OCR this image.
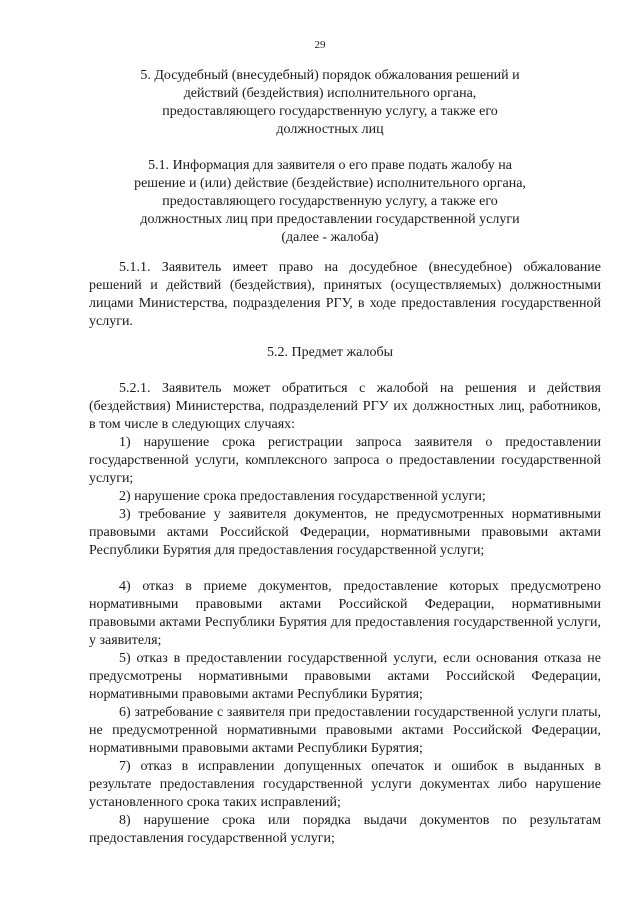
29
5. Досудебный (внесудебный) порядок обжалования решений и действий (бездействия) исполнительного органа, предоставляющего государственную услугу, а также его должностных лиц
5.1. Информация для заявителя о его праве подать жалобу на решение и (или) действие (бездействие) исполнительного органа, предоставляющего государственную услугу, а также его должностных лиц при предоставлении государственной услуги (далее - жалоба)

5.1.1. Заявитель имеет право на досудебное (внесудебное) обжалование решений и действий (бездействия), принятых (осуществляемых) должностными лицами Министерства, подразделения РГУ, в ходе предоставления государственной услуги.

5.2. Предмет жалобы

5.2.1. Заявитель может обратиться с жалобой на решения и действия (бездействия) Министерства, подразделений РГУ их должностных лиц, работников, в том числе в следующих случаях:

1) нарушение срока регистрации запроса заявителя о предоставлении государственной услуги, комплексного запроса о предоставлении государственной услуги;

2) нарушение срока предоставления государственной услуги;

3) требование у заявителя документов, не предусмотренных нормативными правовыми актами Российской Федерации, нормативными правовыми актами Республики Бурятия для предоставления государственной услуги;

4) отказ в приеме документов, предоставление которых предусмотрено нормативными правовыми актами Российской Федерации, нормативными правовыми актами Республики Бурятия для предоставления государственной услуги, у заявителя;

5) отказ в предоставлении государственной услуги, если основания отказа не предусмотрены нормативными правовыми актами Российской Федерации, нормативными правовыми актами Республики Бурятия;

6) затребование с заявителя при предоставлении государственной услуги платы, не предусмотренной нормативными правовыми актами Российской Федерации, нормативными правовыми актами Республики Бурятия;

7) отказ в исправлении допущенных опечаток и ошибок в выданных в результате предоставления государственной услуги документах либо нарушение установленного срока таких исправлений;

8) нарушение срока или порядка выдачи документов по результатам предоставления государственной услуги;
